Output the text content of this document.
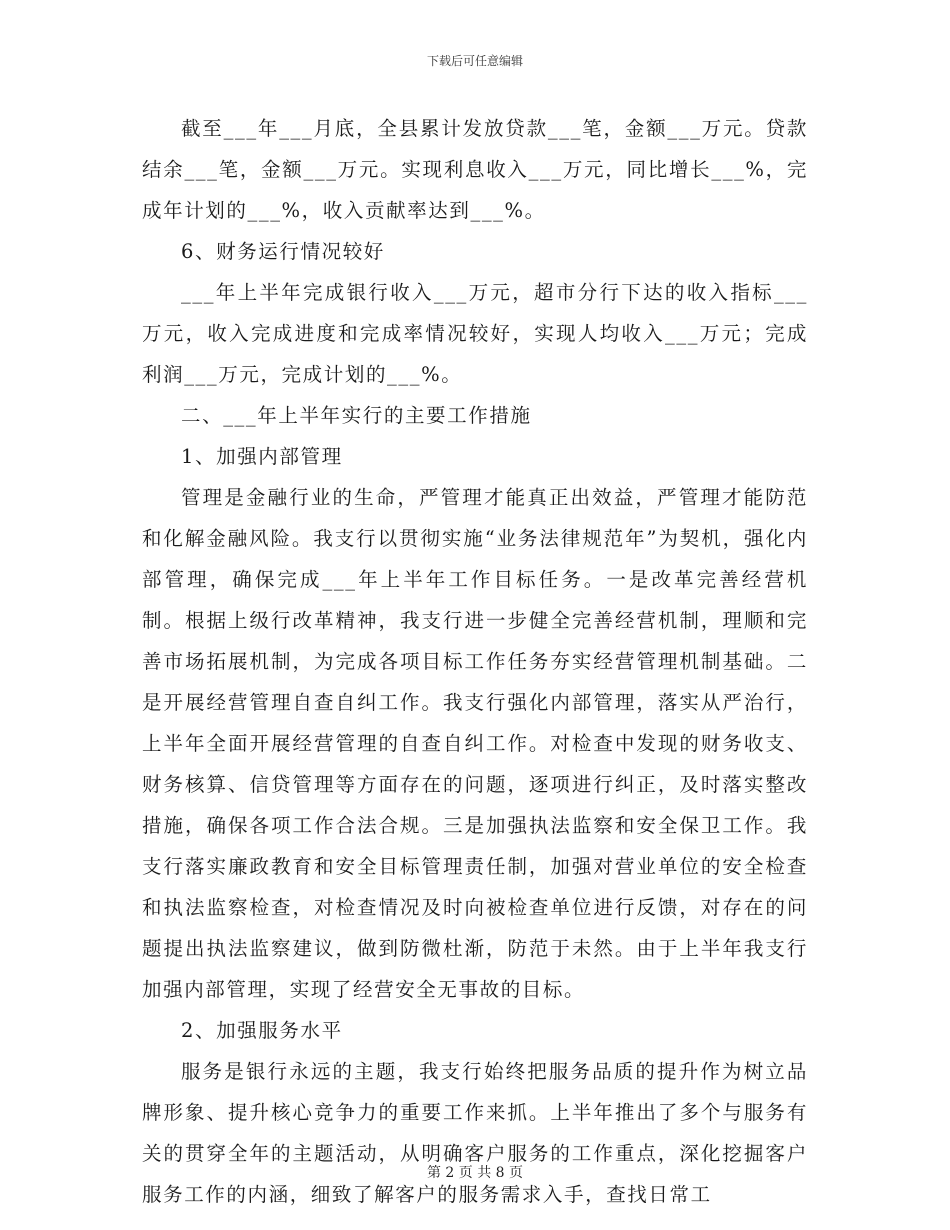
下载后可任意编辑

截至___年___月底，全县累计发放贷款___笔，金额___万元。贷款结余___笔，金额___万元。实现利息收入___万元，同比增长___%，完成年计划的___%，收入贡献率达到___%。

6、财务运行情况较好

___年上半年完成银行收入___万元，超市分行下达的收入指标___万元，收入完成进度和完成率情况较好，实现人均收入___万元；完成利润___万元，完成计划的___%。

二、___年上半年实行的主要工作措施

1、加强内部管理

管理是金融行业的生命，严管理才能真正出效益，严管理才能防范和化解金融风险。我支行以贯彻实施“业务法律规范年”为契机，强化内部管理，确保完成___年上半年工作目标任务。一是改革完善经营机制。根据上级行改革精神，我支行进一步健全完善经营机制，理顺和完善市场拓展机制，为完成各项目标工作任务夯实经营管理机制基础。二是开展经营管理自查自纠工作。我支行强化内部管理，落实从严治行，上半年全面开展经营管理的自查自纠工作。对检查中发现的财务收支、财务核算、信贷管理等方面存在的问题，逐项进行纠正，及时落实整改措施，确保各项工作合法合规。三是加强执法监察和安全保卫工作。我支行落实廉政教育和安全目标管理责任制，加强对营业单位的安全检查和执法监察检查，对检查情况及时向被检查单位进行反馈，对存在的问题提出执法监察建议，做到防微杜渐，防范于未然。由于上半年我支行加强内部管理，实现了经营安全无事故的目标。

2、加强服务水平

服务是银行永远的主题，我支行始终把服务品质的提升作为树立品牌形象、提升核心竞争力的重要工作来抓。上半年推出了多个与服务有关的贯穿全年的主题活动，从明确客户服务的工作重点，深化挖掘客户服务工作的内涵，细致了解客户的服务需求入手，查找日常工

第 2 页 共 8 页
